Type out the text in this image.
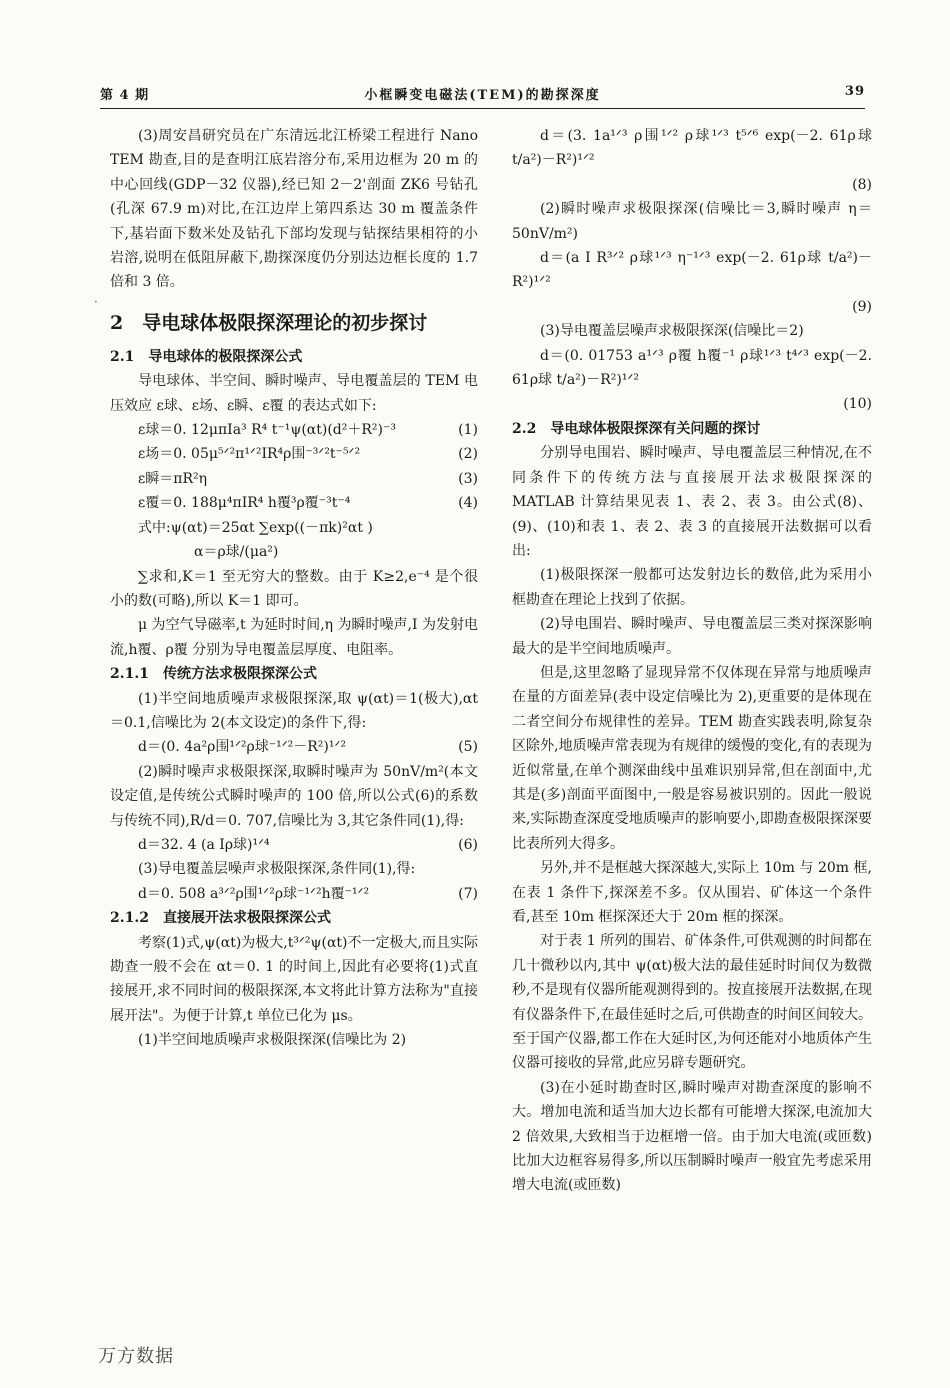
第 4 期	小框瞬变电磁法(TEM)的勘探深度	39
·

(3)周安昌研究员在广东清远北江桥梁工程进行 Nano TEM 勘查,目的是查明江底岩溶分布,采用边框为 20 m 的中心回线(GDP－32 仪器),经已知 2－2'剖面 ZK6 号钻孔(孔深 67.9 m)对比,在江边岸上第四系达 30 m 覆盖条件下,基岩面下数米处及钻孔下部均发现与钻探结果相符的小岩溶,说明在低阻屏蔽下,勘探深度仍分别达边框长度的 1.7 倍和 3 倍。

2　导电球体极限探深理论的初步探讨

2.1　导电球体的极限探深公式

导电球体、半空间、瞬时噪声、导电覆盖层的 TEM 电压效应 ε球、ε场、ε瞬、ε覆 的表达式如下:

ε球＝0. 12μπIa³ R⁴ t⁻¹ψ(αt)(d²＋R²)⁻³	(1)
ε场＝0. 05μ⁵ᐟ²π¹ᐟ²IR⁴ρ围⁻³ᐟ²t⁻⁵ᐟ²	(2)
ε瞬＝πR²η	(3)
ε覆＝0. 188μ⁴πIR⁴ h覆³ρ覆⁻³t⁻⁴	(4)

式中:ψ(αt)＝25αt ∑exp((－πk)²αt )

α＝ρ球/(μa²)

∑求和,K＝1 至无穷大的整数。由于 K≥2,e⁻⁴ 是个很小的数(可略),所以 K＝1 即可。

μ 为空气导磁率,t 为延时时间,η 为瞬时噪声,I 为发射电流,h覆、ρ覆 分别为导电覆盖层厚度、电阻率。

2.1.1　传统方法求极限探深公式

(1)半空间地质噪声求极限探深,取 ψ(αt)＝1(极大),αt＝0.1,信噪比为 2(本文设定)的条件下,得:

d＝(0. 4a²ρ围¹ᐟ²ρ球⁻¹ᐟ²－R²)¹ᐟ²	(5)

(2)瞬时噪声求极限探深,取瞬时噪声为 50nV/m²(本文设定值,是传统公式瞬时噪声的 100 倍,所以公式(6)的系数与传统不同),R/d＝0. 707,信噪比为 3,其它条件同(1),得:

d＝32. 4 (a Iρ球)¹ᐟ⁴	(6)

(3)导电覆盖层噪声求极限探深,条件同(1),得:

d＝0. 508 a³ᐟ²ρ围¹ᐟ²ρ球⁻¹ᐟ²h覆⁻¹ᐟ²	(7)

2.1.2　直接展开法求极限探深公式

考察(1)式,ψ(αt)为极大,t³ᐟ²ψ(αt)不一定极大,而且实际勘查一般不会在 αt＝0. 1 的时间上,因此有必要将(1)式直接展开,求不同时间的极限探深,本文将此计算方法称为"直接展开法"。为便于计算,t 单位已化为 μs。

(1)半空间地质噪声求极限探深(信噪比为 2)

d＝(3. 1a¹ᐟ³ ρ围¹ᐟ² ρ球¹ᐟ³ t⁵ᐟ⁶ exp(－2. 61ρ球 t/a²)－R²)¹ᐟ²

(8)

(2)瞬时噪声求极限探深(信噪比＝3,瞬时噪声 η＝50nV/m²)

d＝(a I R³ᐟ² ρ球¹ᐟ³ η⁻¹ᐟ³ exp(－2. 61ρ球 t/a²)－R²)¹ᐟ²

(9)

(3)导电覆盖层噪声求极限探深(信噪比＝2)

d＝(0. 01753 a¹ᐟ³ ρ覆 h覆⁻¹ ρ球¹ᐟ³ t⁴ᐟ³ exp(－2. 61ρ球 t/a²)－R²)¹ᐟ²

(10)

2.2　导电球体极限探深有关问题的探讨

分别导电围岩、瞬时噪声、导电覆盖层三种情况,在不同条件下的传统方法与直接展开法求极限探深的 MATLAB 计算结果见表 1、表 2、表 3。由公式(8)、(9)、(10)和表 1、表 2、表 3 的直接展开法数据可以看出:

(1)极限探深一般都可达发射边长的数倍,此为采用小框勘查在理论上找到了依据。

(2)导电围岩、瞬时噪声、导电覆盖层三类对探深影响最大的是半空间地质噪声。

但是,这里忽略了显现异常不仅体现在异常与地质噪声在量的方面差异(表中设定信噪比为 2),更重要的是体现在二者空间分布规律性的差异。TEM 勘查实践表明,除复杂区除外,地质噪声常表现为有规律的缓慢的变化,有的表现为近似常量,在单个测深曲线中虽难识别异常,但在剖面中,尤其是(多)剖面平面图中,一般是容易被识别的。因此一般说来,实际勘查深度受地质噪声的影响要小,即勘查极限探深要比表所列大得多。

另外,并不是框越大探深越大,实际上 10m 与 20m 框,在表 1 条件下,探深差不多。仅从围岩、矿体这一个条件看,甚至 10m 框探深还大于 20m 框的探深。

对于表 1 所列的围岩、矿体条件,可供观测的时间都在几十微秒以内,其中 ψ(αt)极大法的最佳延时时间仅为数微秒,不是现有仪器所能观测得到的。按直接展开法数据,在现有仪器条件下,在最佳延时之后,可供勘查的时间区间较大。至于国产仪器,都工作在大延时区,为何还能对小地质体产生仪器可接收的异常,此应另辟专题研究。

(3)在小延时勘查时区,瞬时噪声对勘查深度的影响不大。增加电流和适当加大边长都有可能增大探深,电流加大 2 倍效果,大致相当于边框增一倍。由于加大电流(或匝数)比加大边框容易得多,所以压制瞬时噪声一般宜先考虑采用增大电流(或匝数)

万方数据
